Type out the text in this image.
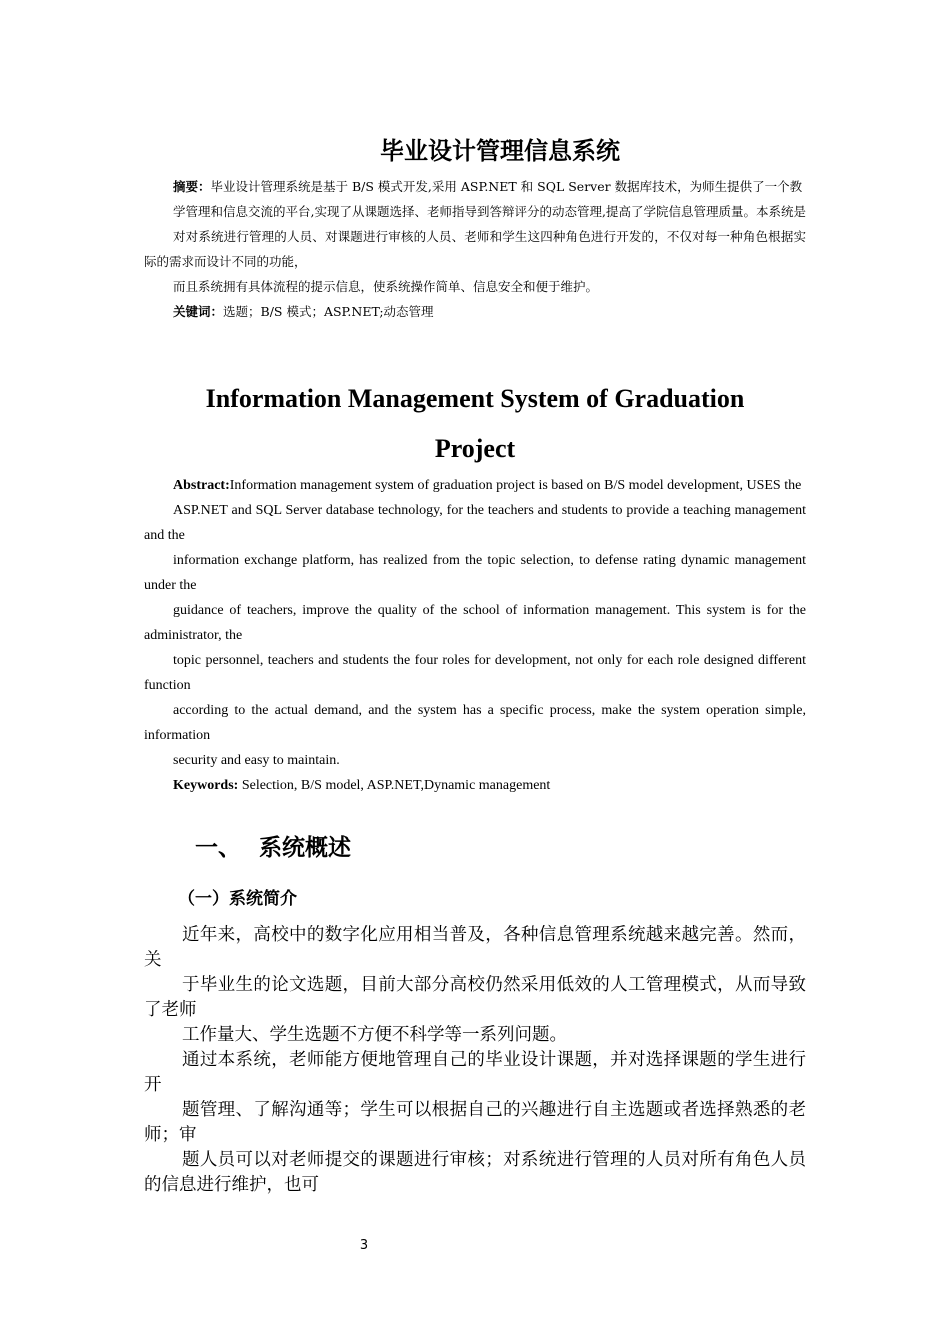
毕业设计管理信息系统
摘要：毕业设计管理系统是基于 B/S 模式开发,采用 ASP.NET 和 SQL Server 数据库技术，为师生提供了一个教
学管理和信息交流的平台,实现了从课题选择、老师指导到答辩评分的动态管理,提高了学院信息管理质量。本系统是
对对系统进行管理的人员、对课题进行审核的人员、老师和学生这四种角色进行开发的，不仅对每一种角色根据实际的需求而设计不同的功能，
而且系统拥有具体流程的提示信息，使系统操作简单、信息安全和便于维护。
关键词：选题；B/S 模式；ASP.NET;动态管理
Information Management System of Graduation
Project
Abstract:Information management system of graduation project is based on B/S model development, USES the
ASP.NET and SQL Server database technology, for the teachers and students to provide a teaching management and the
information exchange platform, has realized from the topic selection, to defense rating dynamic management under the
guidance of teachers, improve the quality of the school of information management. This system is for the administrator, the
topic personnel, teachers and students the four roles for development, not only for each role designed different function
according to the actual demand, and the system has a specific process, make the system operation simple, information
security and easy to maintain.
Keywords: Selection, B/S model, ASP.NET,Dynamic management
一、 系统概述
（一）系统简介
近年来，高校中的数字化应用相当普及，各种信息管理系统越来越完善。然而，关
于毕业生的论文选题，目前大部分高校仍然采用低效的人工管理模式，从而导致了老师
工作量大、学生选题不方便不科学等一系列问题。
通过本系统，老师能方便地管理自己的毕业设计课题，并对选择课题的学生进行开
题管理、了解沟通等；学生可以根据自己的兴趣进行自主选题或者选择熟悉的老师；审
题人员可以对老师提交的课题进行审核；对系统进行管理的人员对所有角色人员的信息进行维护，也可
3
